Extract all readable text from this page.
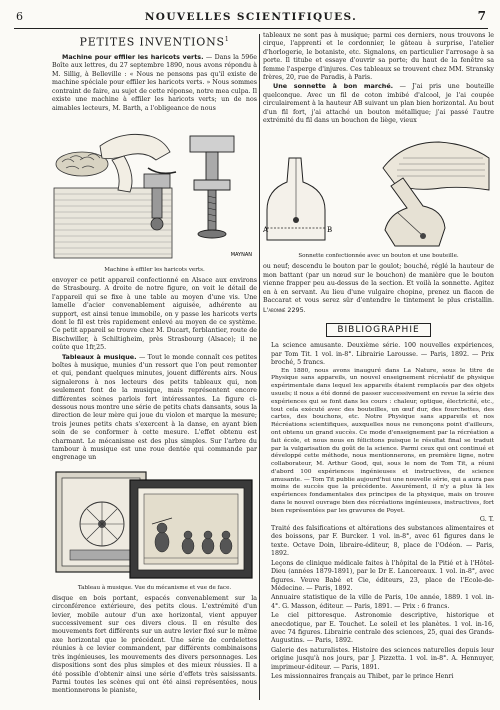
6	NOUVELLES SCIENTIFIQUES.	7
PETITES INVENTIONS$^1$

Machine pour effiler les haricots verts. — Dans la 596e Boîte aux lettres, du 27 septembre 1890, nous avons répondu à M. Sillig, à Belleville : « Nous ne pensons pas qu'il existe de machine spéciale pour effiler les haricots verts. » Nous sommes contraint de faire, au sujet de cette réponse, notre mea culpa. Il existe une machine à effiler les haricots verts; un de nos aimables lecteurs, M. Barth, a l'obligeance de nous

MAYNAN
Machine à effiler les haricots verts.

envoyer ce petit appareil confectionné en Alsace aux environs de Strasbourg. A droite de notre figure, on voit le détail de l'appareil qui se fixe à une table au moyen d'une vis. Une lamelle d'acier convenablement aiguisée, adhérente au support, est ainsi tenue immobile, on y passe les haricots verts dont le fil est très rapidement enlevé au moyen de ce système. Ce petit appareil se trouve chez M. Ducart, ferblantier, route de Bischwiller, à Schiltigheim, près Strasbourg (Alsace); il ne coûte que 1fr,25.

Tableaux à musique. — Tout le monde connaît ces petites boîtes à musique, munies d'un ressort que l'on peut remonter et qui, pendant quelques minutes, jouent différents airs. Nous signalerons à nos lecteurs des petits tableaux qui, non seulement font de la musique, mais représentent encore différentes scènes parlois fort intéressantes. La figure ci-dessous nous montre une série de petits chats dansants, sous la direction de leur mère qui joue du violon et marque la mesure; trois jeunes petits chats s'exercent à la danse, en ayant bien soin de se conformer à cette mesure. L'effet obtenu est charmant. Le mécanisme est des plus simples. Sur l'arbre du tambour à musique est une roue dentée qui commande par engrenage un

Tableau à musique. Vue du mécanisme et vue de face.

disque en bois portant, espacés convenablement sur la circonférence extérieure, des petits clous. L'extrémité d'un levier, mobile autour d'un axe horizontal, vient appuyer successivement sur ces divers clous. Il en résulte des mouvements fort différents sur un autre levier fixé sur le même axe horizontal que le précédent. Une série de cordelettes réunies à ce levier commandent, par différents combinaisons très ingénieuses, les mouvements des divers personnages. Les dispositions sont des plus simples et des mieux réussies. Il a été possible d'obtenir ainsi une série d'effets très saisissants. Parmi toutes les scènes qui ont été ainsi représentées, nous mentionnerons le pianiste,

tableaux ne sont pas à musique; parmi ces derniers, nous trouvons le cirque, l'apprenti et le cordonnier, le gâteau à surprise, l'atelier d'horlogerie, le botaniste, etc. Signalons, en particulier l'arrosage à sa porte. Il titube et essaye d'ouvrir sa porte; du haut de la fenêtre sa femme l'asperge d'injures. Ces tableaux se trouvent chez MM. Stransky frères, 20, rue de Paradis, à Paris.

Une sonnette à bon marché. — J'ai pris une bouteille quelconque. Avec un fil de coton imbibé d'alcool, je l'ai coupée circulairement à la hauteur AB suivant un plan bien horizontal. Au bout d'un fil fort, j'ai attaché un bouton métallique; j'ai passé l'autre extrémité du fil dans un bouchon de liège, vieux

A	B
Sonnette confectionnée avec un bouton et une bouteille.

ou neuf; descendu le bouton par le goulot; bouché, réglé la hauteur de mon battant (par un nœud sur le bouchon) de manière que le bouton vienne frapper peu au-dessus de la section. Et voilà la sonnette. Agitez en à en servant. Au lieu d'une vulgaire chopine, prenez un flacon de Baccarat et vous serez sûr d'entendre le tintement le plus cristallin. L'abonné 2295.

BIBLIOGRAPHIE

La science amusante. Deuxième série. 100 nouvelles expériences, par Tom Tit. 1 vol. in-8°. Librairie Larousse. — Paris, 1892. — Prix broché, 5 francs.

En 1880, nous avons inauguré dans La Nature, sous le titre de Physique sans appareils, un nouvel enseignement récréatif de physique expérimentale dans lequel les appareils étaient remplacés par des objets usuels; il nous a été donné de passer successivement en revue la série des expériences qui se font dans les cours : chaleur, optique, électricité, etc., tout cela exécuté avec des bouteilles, un œuf dur, des fourchettes, des cartes, des bouchons, etc. Notre Physique sans appareils et nos Récréations scientifiques, auxquelles nous ne renonçons point d'ailleurs, ont obtenu un grand succès. Ce mode d'enseignement par la récréation a fait école, et nous nous en félicitons puisque le résultat final se traduit par la vulgarisation du goût de la science. Parmi ceux qui ont continué et développé cette méthode, nous mentionnerons, en première ligne, notre collaborateur, M. Arthur Good, qui, sous le nom de Tom Tit, a réuni d'abord 100 expériences ingénieuses et instructives, de science amusante. — Tom Tit publie aujourd'hui une nouvelle série, qui a aura pas moins de succès que la précédente. Assurément, il n'y a plus là les expériences fondamentales des principes de la physique, mais on trouve dans le nouvel ouvrage bien des récréations ingénieuses, instructives, fort bien représentées par les gravures de Poyet.

G. T.

Traité des falsifications et altérations des substances alimentaires et des boissons, par F. Burcker. 1 vol. in-8°, avec 61 figures dans le texte. Octave Doin, libraire-éditeur, 8, place de l'Odéon. — Paris, 1892.

Leçons de clinique médicale faites à l'hôpital de la Pitié et à l'Hôtel-Dieu (années 1879-1891), par le Dr E. Lancereaux. 1 vol. in-8°, avec figures. Veuve Babé et Cie, éditeurs, 23, place de l'Ecole-de-Médecine. — Paris, 1892.

Annuaire statistique de la ville de Paris, 10e année, 1889. 1 vol. in-4°. G. Masson, éditeur. — Paris, 1891. — Prix : 6 francs.

Le ciel pittoresque. Astronomie descriptive, historique et anecdotique, par E. Touchet. Le soleil et les planètes. 1 vol. in-16, avec 74 figures. Librairie centrale des sciences, 25, quai des Grands-Augustins. — Paris, 1892.

Galerie des naturalistes. Histoire des sciences naturelles depuis leur origine jusqu'à nos jours, par J. Pizzetta. 1 vol. in-8°. A. Hennuyer, imprimeur-éditeur. — Paris, 1891.

Les missionnaires français au Thibet, par le prince Henri
